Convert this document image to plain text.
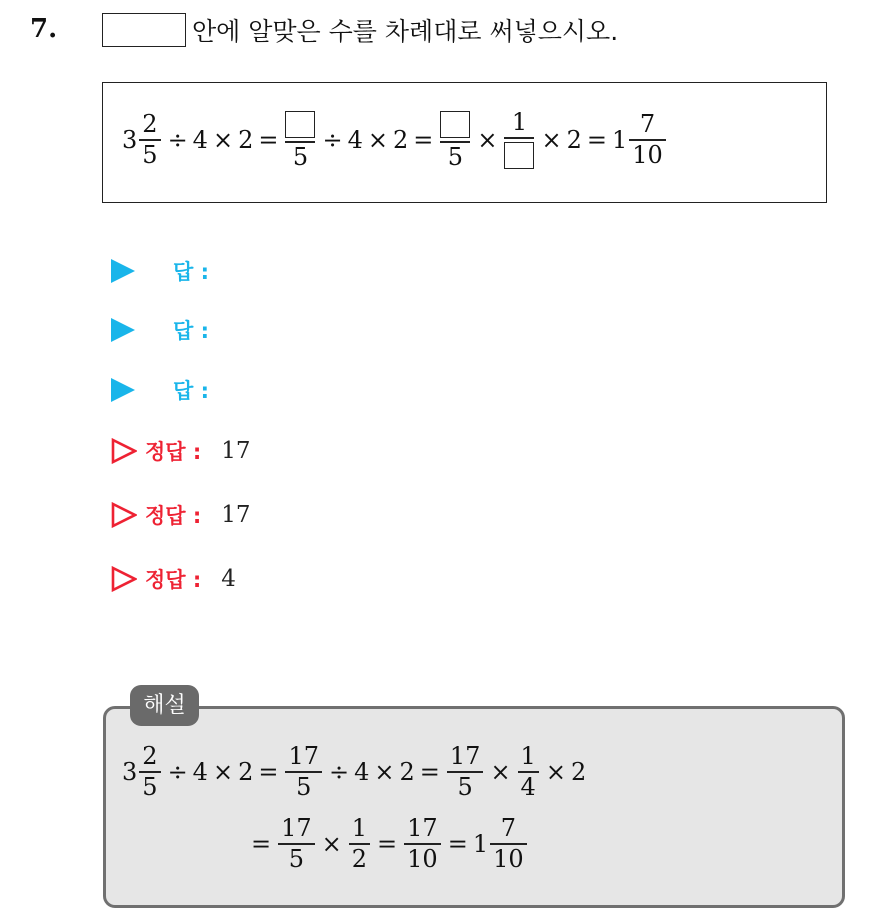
7.	안에 알맞은 수를 차례대로 써넣으시오.
$3 \frac{2}{5} \div 4 \times 2$ =
5
÷ 4 × 2 =
5
×
1
× $2 = 1 \frac{7}{10}$
답 :
답 :
답 :
정답 : 17
정답 : 17
정답 : 4
해설
$3 \frac{2}{5} \div 4 \times 2 = \frac{17}{5} \div 4 \times 2 = \frac{17}{5} \times \frac{1}{4} \times 2$
= $\frac{17}{5} \times \frac{1}{2} = \frac{17}{10} = 1 \frac{7}{10}$
